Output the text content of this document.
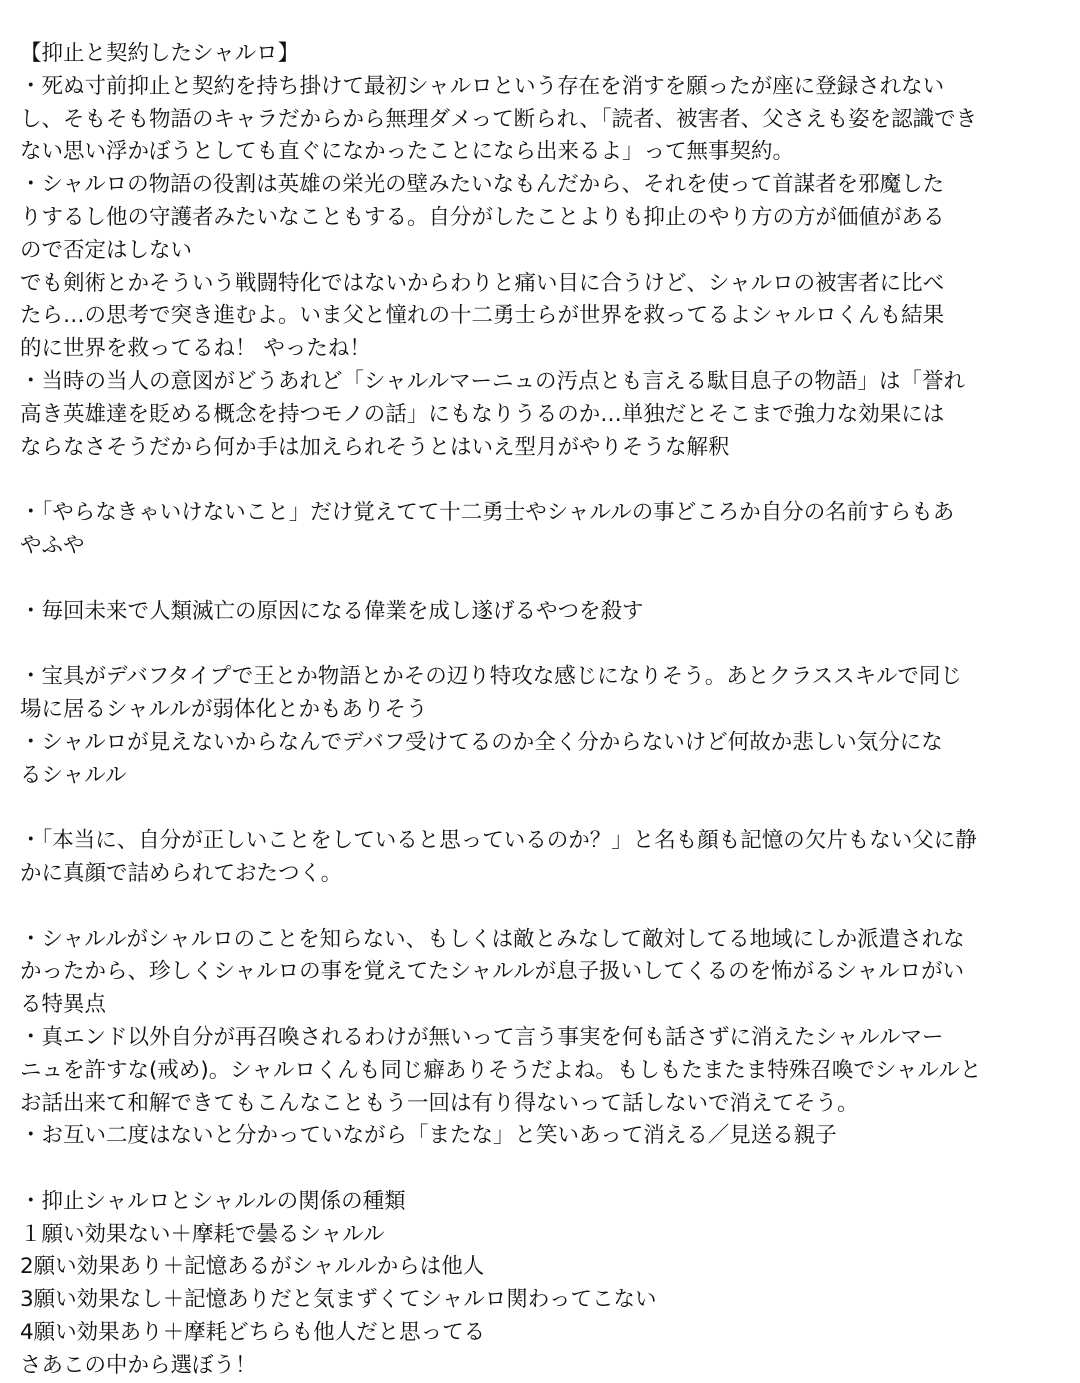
【抑止と契約したシャルロ】
・死ぬ寸前抑止と契約を持ち掛けて最初シャルロという存在を消すを願ったが座に登録されない
し、そもそも物語のキャラだからから無理ダメって断られ、「読者、被害者、父さえも姿を認識でき
ない思い浮かぼうとしても直ぐになかったことになら出来るよ」って無事契約。
・シャルロの物語の役割は英雄の栄光の壁みたいなもんだから、それを使って首謀者を邪魔した
りするし他の守護者みたいなこともする。自分がしたことよりも抑止のやり方の方が価値がある
ので否定はしない
でも剣術とかそういう戦闘特化ではないからわりと痛い目に合うけど、シャルロの被害者に比べ
たら…の思考で突き進むよ。いま父と憧れの十二勇士らが世界を救ってるよシャルロくんも結果
的に世界を救ってるね！ やったね！
・当時の当人の意図がどうあれど「シャルルマーニュの汚点とも言える駄目息子の物語」は「誉れ
高き英雄達を貶める概念を持つモノの話」にもなりうるのか…単独だとそこまで強力な効果には
ならなさそうだから何か手は加えられそうとはいえ型月がやりそうな解釈
・「やらなきゃいけないこと」だけ覚えてて十二勇士やシャルルの事どころか自分の名前すらもあ
やふや
・毎回未来で人類滅亡の原因になる偉業を成し遂げるやつを殺す
・宝具がデバフタイプで王とか物語とかその辺り特攻な感じになりそう。あとクラススキルで同じ
場に居るシャルルが弱体化とかもありそう
・シャルロが見えないからなんでデバフ受けてるのか全く分からないけど何故か悲しい気分にな
るシャルル
・「本当に、自分が正しいことをしていると思っているのか？」と名も顔も記憶の欠片もない父に静
かに真顔で詰められておたつく。
・シャルルがシャルロのことを知らない、もしくは敵とみなして敵対してる地域にしか派遣されな
かったから、珍しくシャルロの事を覚えてたシャルルが息子扱いしてくるのを怖がるシャルロがい
る特異点
・真エンド以外自分が再召喚されるわけが無いって言う事実を何も話さずに消えたシャルルマー
ニュを許すな(戒め)。シャルロくんも同じ癖ありそうだよね。もしもたまたま特殊召喚でシャルルと
お話出来て和解できてもこんなこともう一回は有り得ないって話しないで消えてそう。
・お互い二度はないと分かっていながら「またな」と笑いあって消える／見送る親子
・抑止シャルロとシャルルの関係の種類
１願い効果ない＋摩耗で曇るシャルル
2願い効果あり＋記憶あるがシャルルからは他人
3願い効果なし＋記憶ありだと気まずくてシャルロ関わってこない
4願い効果あり＋摩耗どちらも他人だと思ってる
さあこの中から選ぼう！
